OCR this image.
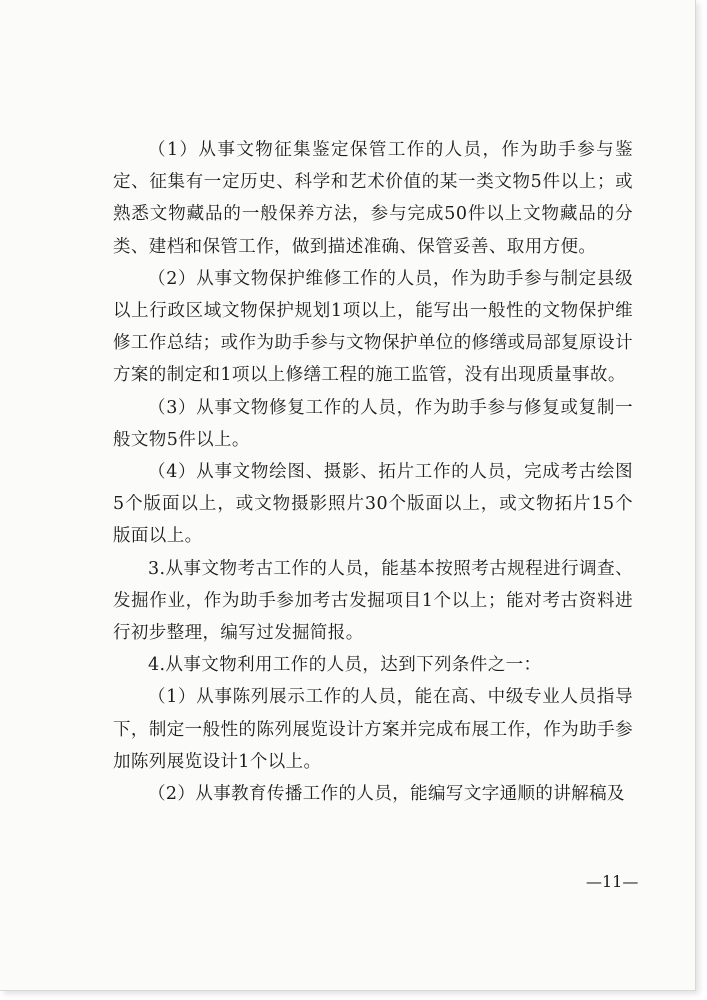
（1）从事文物征集鉴定保管工作的人员，作为助手参与鉴定、征集有一定历史、科学和艺术价值的某一类文物5件以上；或熟悉文物藏品的一般保养方法，参与完成50件以上文物藏品的分类、建档和保管工作，做到描述准确、保管妥善、取用方便。

（2）从事文物保护维修工作的人员，作为助手参与制定县级以上行政区域文物保护规划1项以上，能写出一般性的文物保护维修工作总结；或作为助手参与文物保护单位的修缮或局部复原设计方案的制定和1项以上修缮工程的施工监管，没有出现质量事故。

（3）从事文物修复工作的人员，作为助手参与修复或复制一般文物5件以上。

（4）从事文物绘图、摄影、拓片工作的人员，完成考古绘图5个版面以上，或文物摄影照片30个版面以上，或文物拓片15个版面以上。

3.从事文物考古工作的人员，能基本按照考古规程进行调查、发掘作业，作为助手参加考古发掘项目1个以上；能对考古资料进行初步整理，编写过发掘简报。

4.从事文物利用工作的人员，达到下列条件之一：

（1）从事陈列展示工作的人员，能在高、中级专业人员指导下，制定一般性的陈列展览设计方案并完成布展工作，作为助手参加陈列展览设计1个以上。

（2）从事教育传播工作的人员，能编写文字通顺的讲解稿及

—11—
